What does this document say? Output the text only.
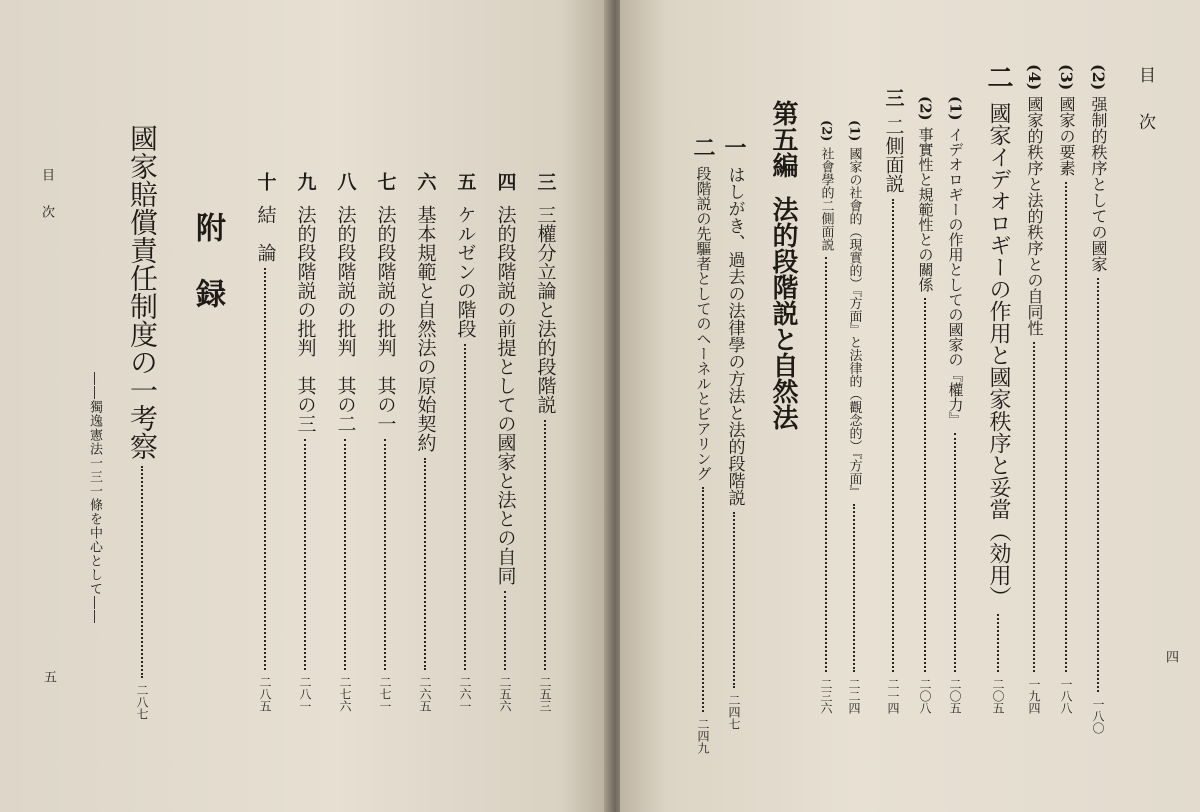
目次
五
國家賠償責任制度の一考察
二八七
――獨逸憲法一三一條を中心として――
附録
三
三權分立論と法的段階説
二五三
四
法的段階説の前提としての國家と法との自同
二五六
五
ケルゼンの階段
二六一
六
基本規範と自然法の原始契約
二六五
七
法的段階説の批判　其の一
二七一
八
法的段階説の批判　其の二
二七六
九
法的段階説の批判　其の三
二八一
十
結　論
二八五
目次
四
(2)
强制的秩序としての國家
一八〇
(3)
國家の要素
一八八
(4)
國家的秩序と法的秩序との自同性
一九四
二
國家イデオロギーの作用と國家秩序と妥當（効用）
二〇五
(1)
イデオロギーの作用としての國家の『權力』
二〇五
(2)
事實性と規範性との關係
二〇八
三
二側面説
二一四
(1)
國家の社會的（現實的）『方面』と法律的（觀念的）『方面』
二二四
(2)
社會學的二側面説
二三六
第五編法的段階説と自然法
一
はしがき、過去の法律學の方法と法的段階説
二四七
二
段階説の先驅者としてのヘーネルとビアリング
二四九
